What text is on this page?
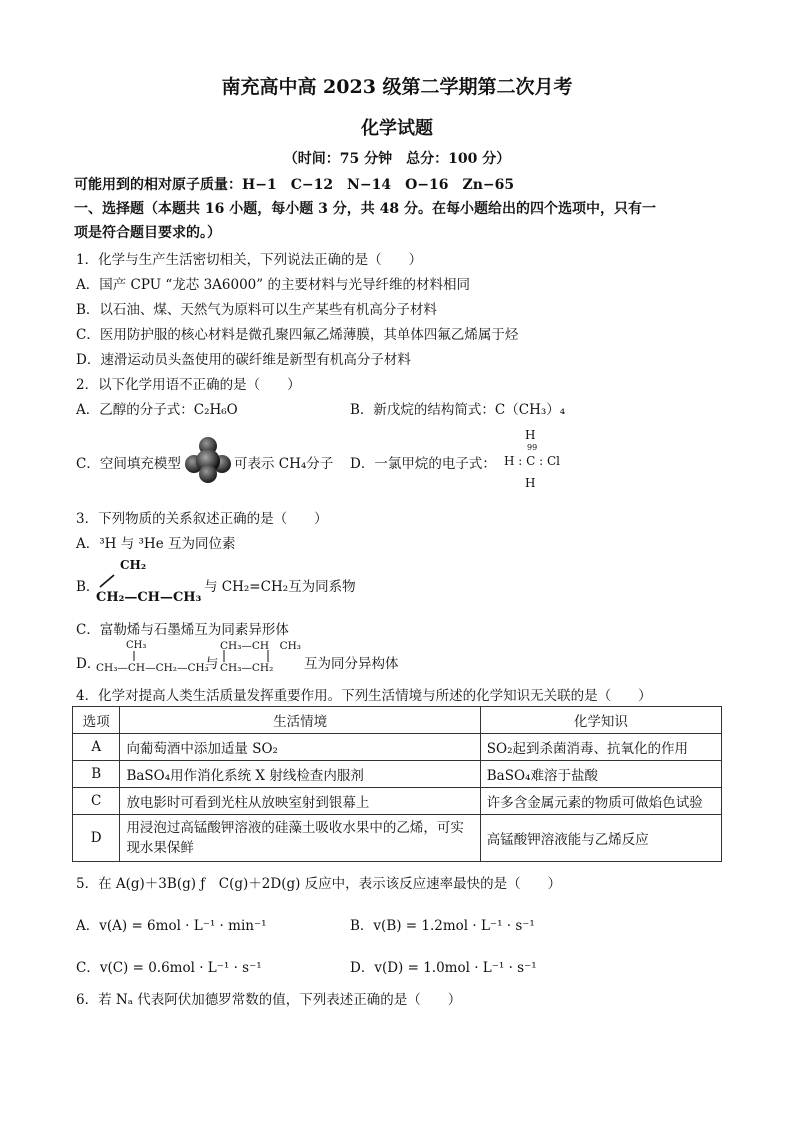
南充高中高 2023 级第二学期第二次月考
化学试题
（时间：75 分钟　总分：100 分）
可能用到的相对原子质量：H−1　C−12　N−14　O−16　Zn−65
一、选择题（本题共 16 小题，每小题 3 分，共 48 分。在每小题给出的四个选项中，只有一
项是符合题目要求的。）
1．化学与生产生活密切相关，下列说法正确的是（　　）
A．国产 CPU “龙芯 3A6000” 的主要材料与光导纤维的材料相同
B．以石油、煤、天然气为原料可以生产某些有机高分子材料
C．医用防护服的核心材料是微孔聚四氟乙烯薄膜，其单体四氟乙烯属于烃
D．速滑运动员头盔使用的碳纤维是新型有机高分子材料
2．以下化学用语不正确的是（　　）
A．乙醇的分子式：C₂H₆O	B．新戊烷的结构简式：C（CH₃）₄
C．空间填充模型	可表示 CH₄分子 D．一氯甲烷的电子式：
H
99
H : C : Cl
H
3．下列物质的关系叙述正确的是（　　）
A．³H 与 ³He 互为同位素
B．
CH₂
CH₂—CH—CH₃
与 CH₂=CH₂互为同系物
C．富勒烯与石墨烯互为同素异形体
D．
CH₃
CH₃—CH—CH₂—CH₃
与
CH₃—CH　CH₃
CH₃—CH₂ 互为同分异构体
4．化学对提高人类生活质量发挥重要作用。下列生活情境与所述的化学知识无关联的是（　　）
选项	生活情境	化学知识
A	向葡萄酒中添加适量 SO₂	SO₂起到杀菌消毒、抗氧化的作用
B	BaSO₄用作消化系统 X 射线检查内服剂	BaSO₄难溶于盐酸
C	放电影时可看到光柱从放映室射到银幕上	许多含金属元素的物质可做焰色试验
D	用浸泡过高锰酸钾溶液的硅藻土吸收水果中的乙烯，可实现水果保鲜	高锰酸钾溶液能与乙烯反应
5．在 A(g)＋3B(g) ƒ　C(g)＋2D(g) 反应中，表示该反应速率最快的是（　　）
A．v(A) = 6mol · L⁻¹ · min⁻¹	B．v(B) = 1.2mol · L⁻¹ · s⁻¹
C．v(C) = 0.6mol · L⁻¹ · s⁻¹	D．v(D) = 1.0mol · L⁻¹ · s⁻¹
6．若 Nₐ 代表阿伏加德罗常数的值，下列表述正确的是（　　）
